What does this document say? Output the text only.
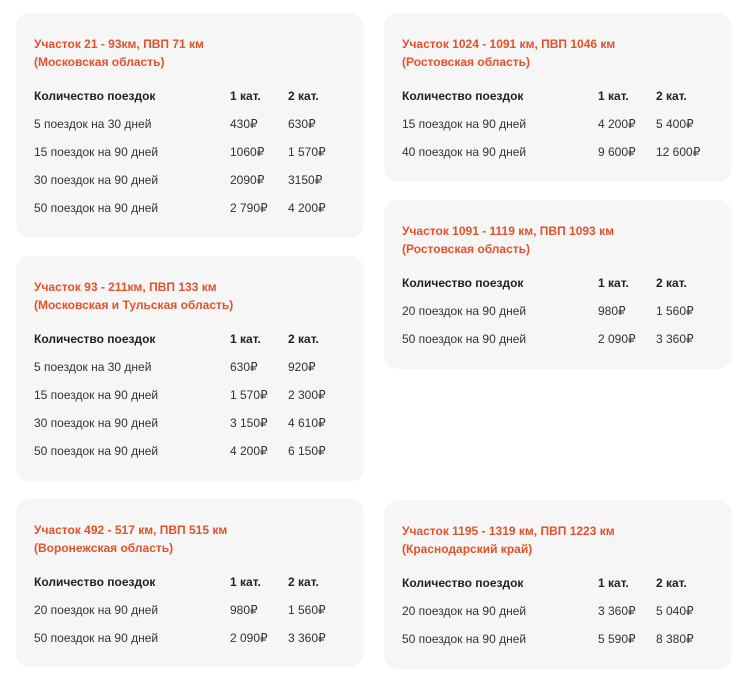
Участок 21 - 93км, ПВП 71 км
(Московская область)
Количество поездок	1 кат. 2 кат.
5 поездок на 30 дней	430₽	630₽
15 поездок на 90 дней	1060₽ 1 570₽
30 поездок на 90 дней	2090₽ 3150₽
50 поездок на 90 дней	2 790₽ 4 200₽
Участок 1024 - 1091 км, ПВП 1046 км
(Ростовская область)
Количество поездок	1 кат. 2 кат.
15 поездок на 90 дней	4 200₽ 5 400₽
40 поездок на 90 дней	9 600₽ 12 600₽
Участок 93 - 211км, ПВП 133 км
(Московская и Тульская область)
Количество поездок	1 кат. 2 кат.
5 поездок на 30 дней	630₽	920₽
15 поездок на 90 дней	1 570₽ 2 300₽
30 поездок на 90 дней	3 150₽ 4 610₽
50 поездок на 90 дней	4 200₽ 6 150₽
Участок 1091 - 1119 км, ПВП 1093 км
(Ростовская область)
Количество поездок	1 кат. 2 кат.
20 поездок на 90 дней	980₽	1 560₽
50 поездок на 90 дней	2 090₽ 3 360₽
Участок 492 - 517 км, ПВП 515 км
(Воронежская область)
Количество поездок	1 кат. 2 кат.
20 поездок на 90 дней	980₽	1 560₽
50 поездок на 90 дней	2 090₽ 3 360₽
Участок 1195 - 1319 км, ПВП 1223 км
(Краснодарский край)
Количество поездок	1 кат. 2 кат.
20 поездок на 90 дней	3 360₽ 5 040₽
50 поездок на 90 дней	5 590₽ 8 380₽
